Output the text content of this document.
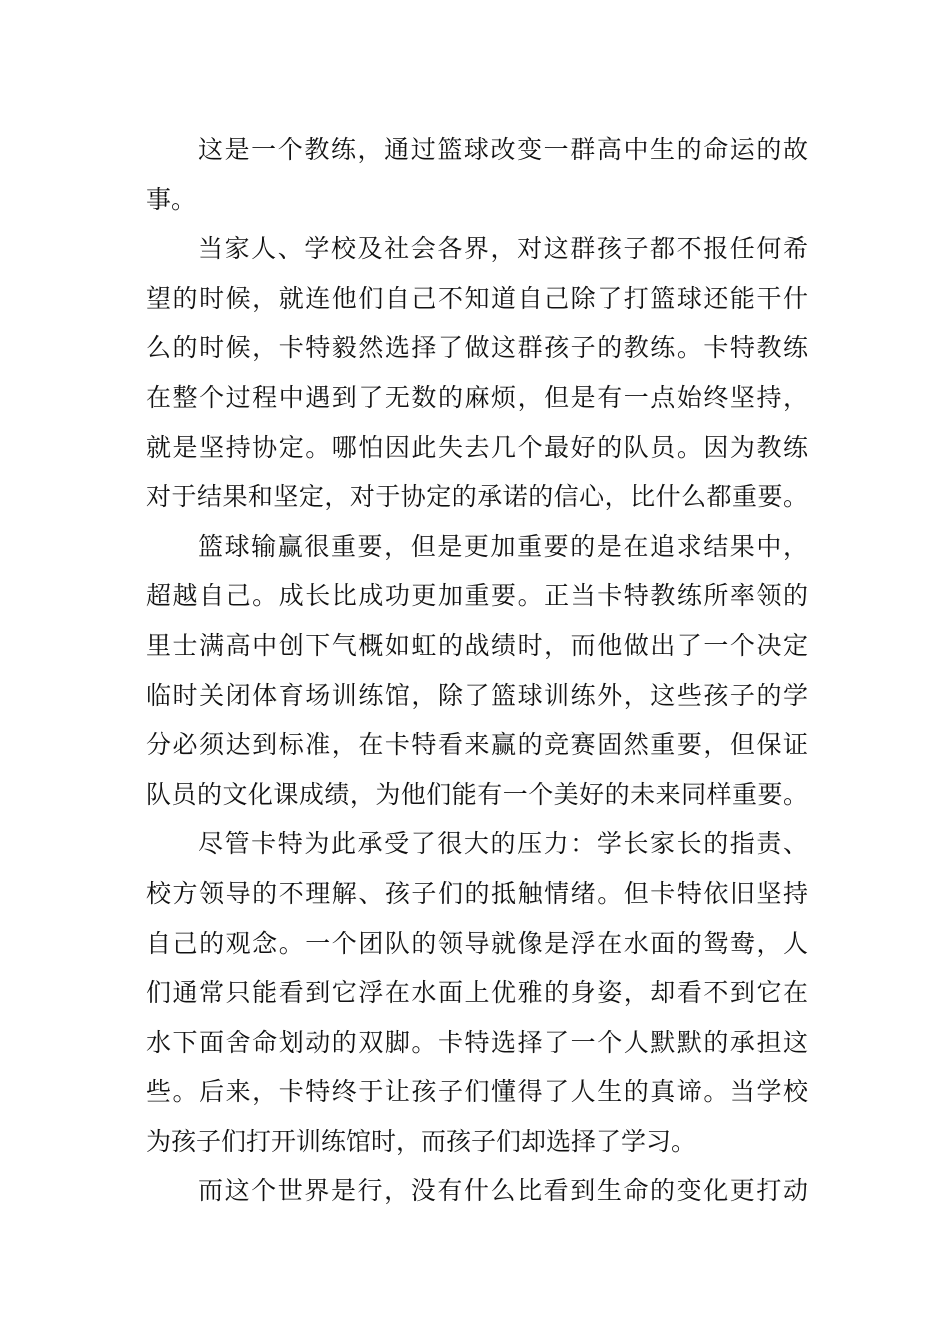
这是一个教练，通过篮球改变一群高中生的命运的故
事。
当家人、学校及社会各界，对这群孩子都不报任何希
望的时候，就连他们自己不知道自己除了打篮球还能干什
么的时候，卡特毅然选择了做这群孩子的教练。卡特教练
在整个过程中遇到了无数的麻烦，但是有一点始终坚持，
就是坚持协定。哪怕因此失去几个最好的队员。因为教练
对于结果和坚定，对于协定的承诺的信心，比什么都重要。
篮球输赢很重要，但是更加重要的是在追求结果中，
超越自己。成长比成功更加重要。正当卡特教练所率领的
里士满高中创下气概如虹的战绩时，而他做出了一个决定
临时关闭体育场训练馆，除了篮球训练外，这些孩子的学
分必须达到标准，在卡特看来赢的竞赛固然重要，但保证
队员的文化课成绩，为他们能有一个美好的未来同样重要。
尽管卡特为此承受了很大的压力：学长家长的指责、
校方领导的不理解、孩子们的抵触情绪。但卡特依旧坚持
自己的观念。一个团队的领导就像是浮在水面的鸳鸯，人
们通常只能看到它浮在水面上优雅的身姿，却看不到它在
水下面舍命划动的双脚。卡特选择了一个人默默的承担这
些。后来，卡特终于让孩子们懂得了人生的真谛。当学校
为孩子们打开训练馆时，而孩子们却选择了学习。
而这个世界是行，没有什么比看到生命的变化更打动
